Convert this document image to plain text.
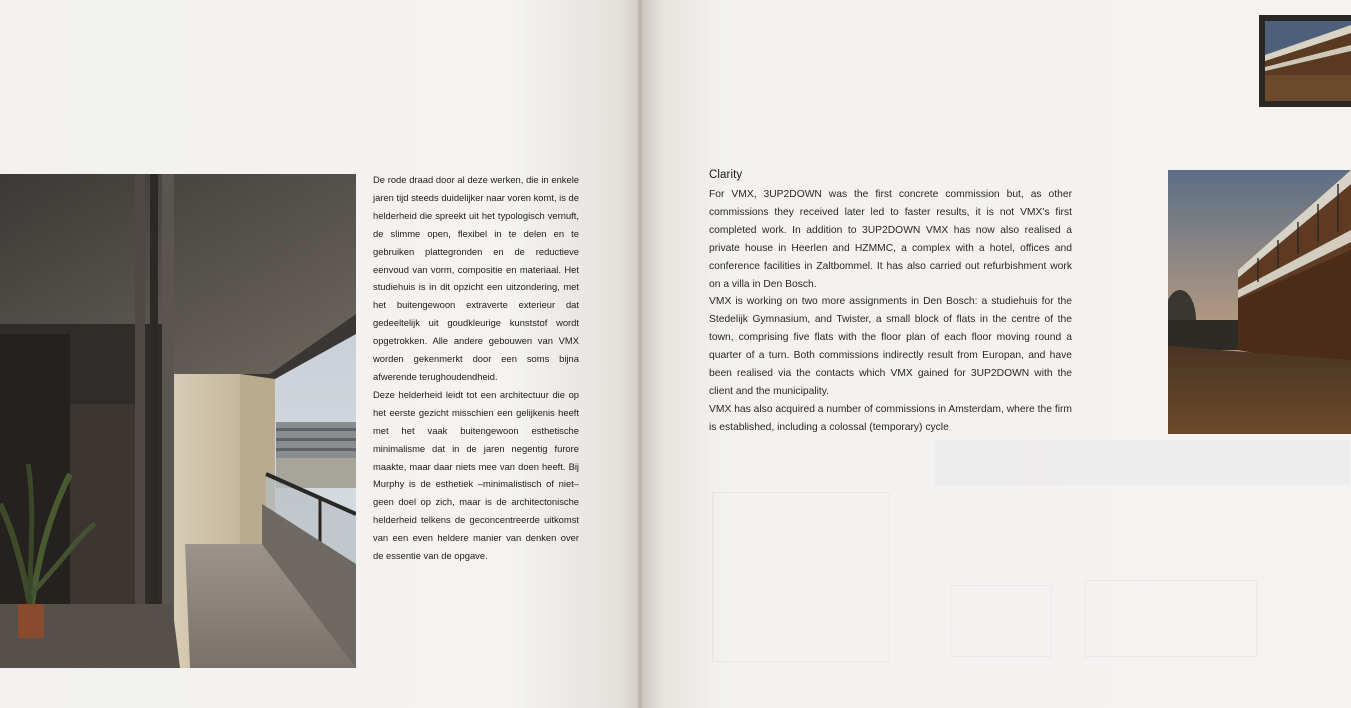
De rode draad door al deze werken, die in enkele jaren tijd steeds duidelijker naar voren komt, is de helderheid die spreekt uit het typologisch vernuft, de slimme open, flexibel in te delen en te gebruiken plattegronden en de reductieve eenvoud van vorm, compositie en materiaal. Het studiehuis is in dit opzicht een uitzondering, met het buitengewoon extraverte exterieur dat gedeeltelijk uit goudkleurige kunststof wordt opgetrokken. Alle andere gebouwen van VMX worden gekenmerkt door een soms bijna afwerende terughoudendheid.

Deze helderheid leidt tot een architectuur die op het eerste gezicht misschien een gelijkenis heeft met het vaak buitengewoon esthetische minimalisme dat in de jaren negentig furore maakte, maar daar niets mee van doen heeft. Bij Murphy is de esthetiek –minimalistisch of niet– geen doel op zich, maar is de architectonische helderheid telkens de geconcentreerde uitkomst van een even heldere manier van denken over de essentie van de opgave.

Clarity

For VMX, 3UP2DOWN was the first concrete commission but, as other commissions they received later led to faster results, it is not VMX's first completed work. In addition to 3UP2DOWN VMX has now also realised a private house in Heerlen and HZMMC, a complex with a hotel, offices and conference facilities in Zaltbommel. It has also carried out refurbishment work on a villa in Den Bosch.

VMX is working on two more assignments in Den Bosch: a studiehuis for the Stedelijk Gymnasium, and Twister, a small block of flats in the centre of the town, comprising five flats with the floor plan of each floor moving round a quarter of a turn. Both commissions indirectly result from Europan, and have been realised via the contacts which VMX gained for 3UP2DOWN with the client and the municipality.

VMX has also acquired a number of commissions in Amsterdam, where the firm is established, including a colossal (temporary) cycle
